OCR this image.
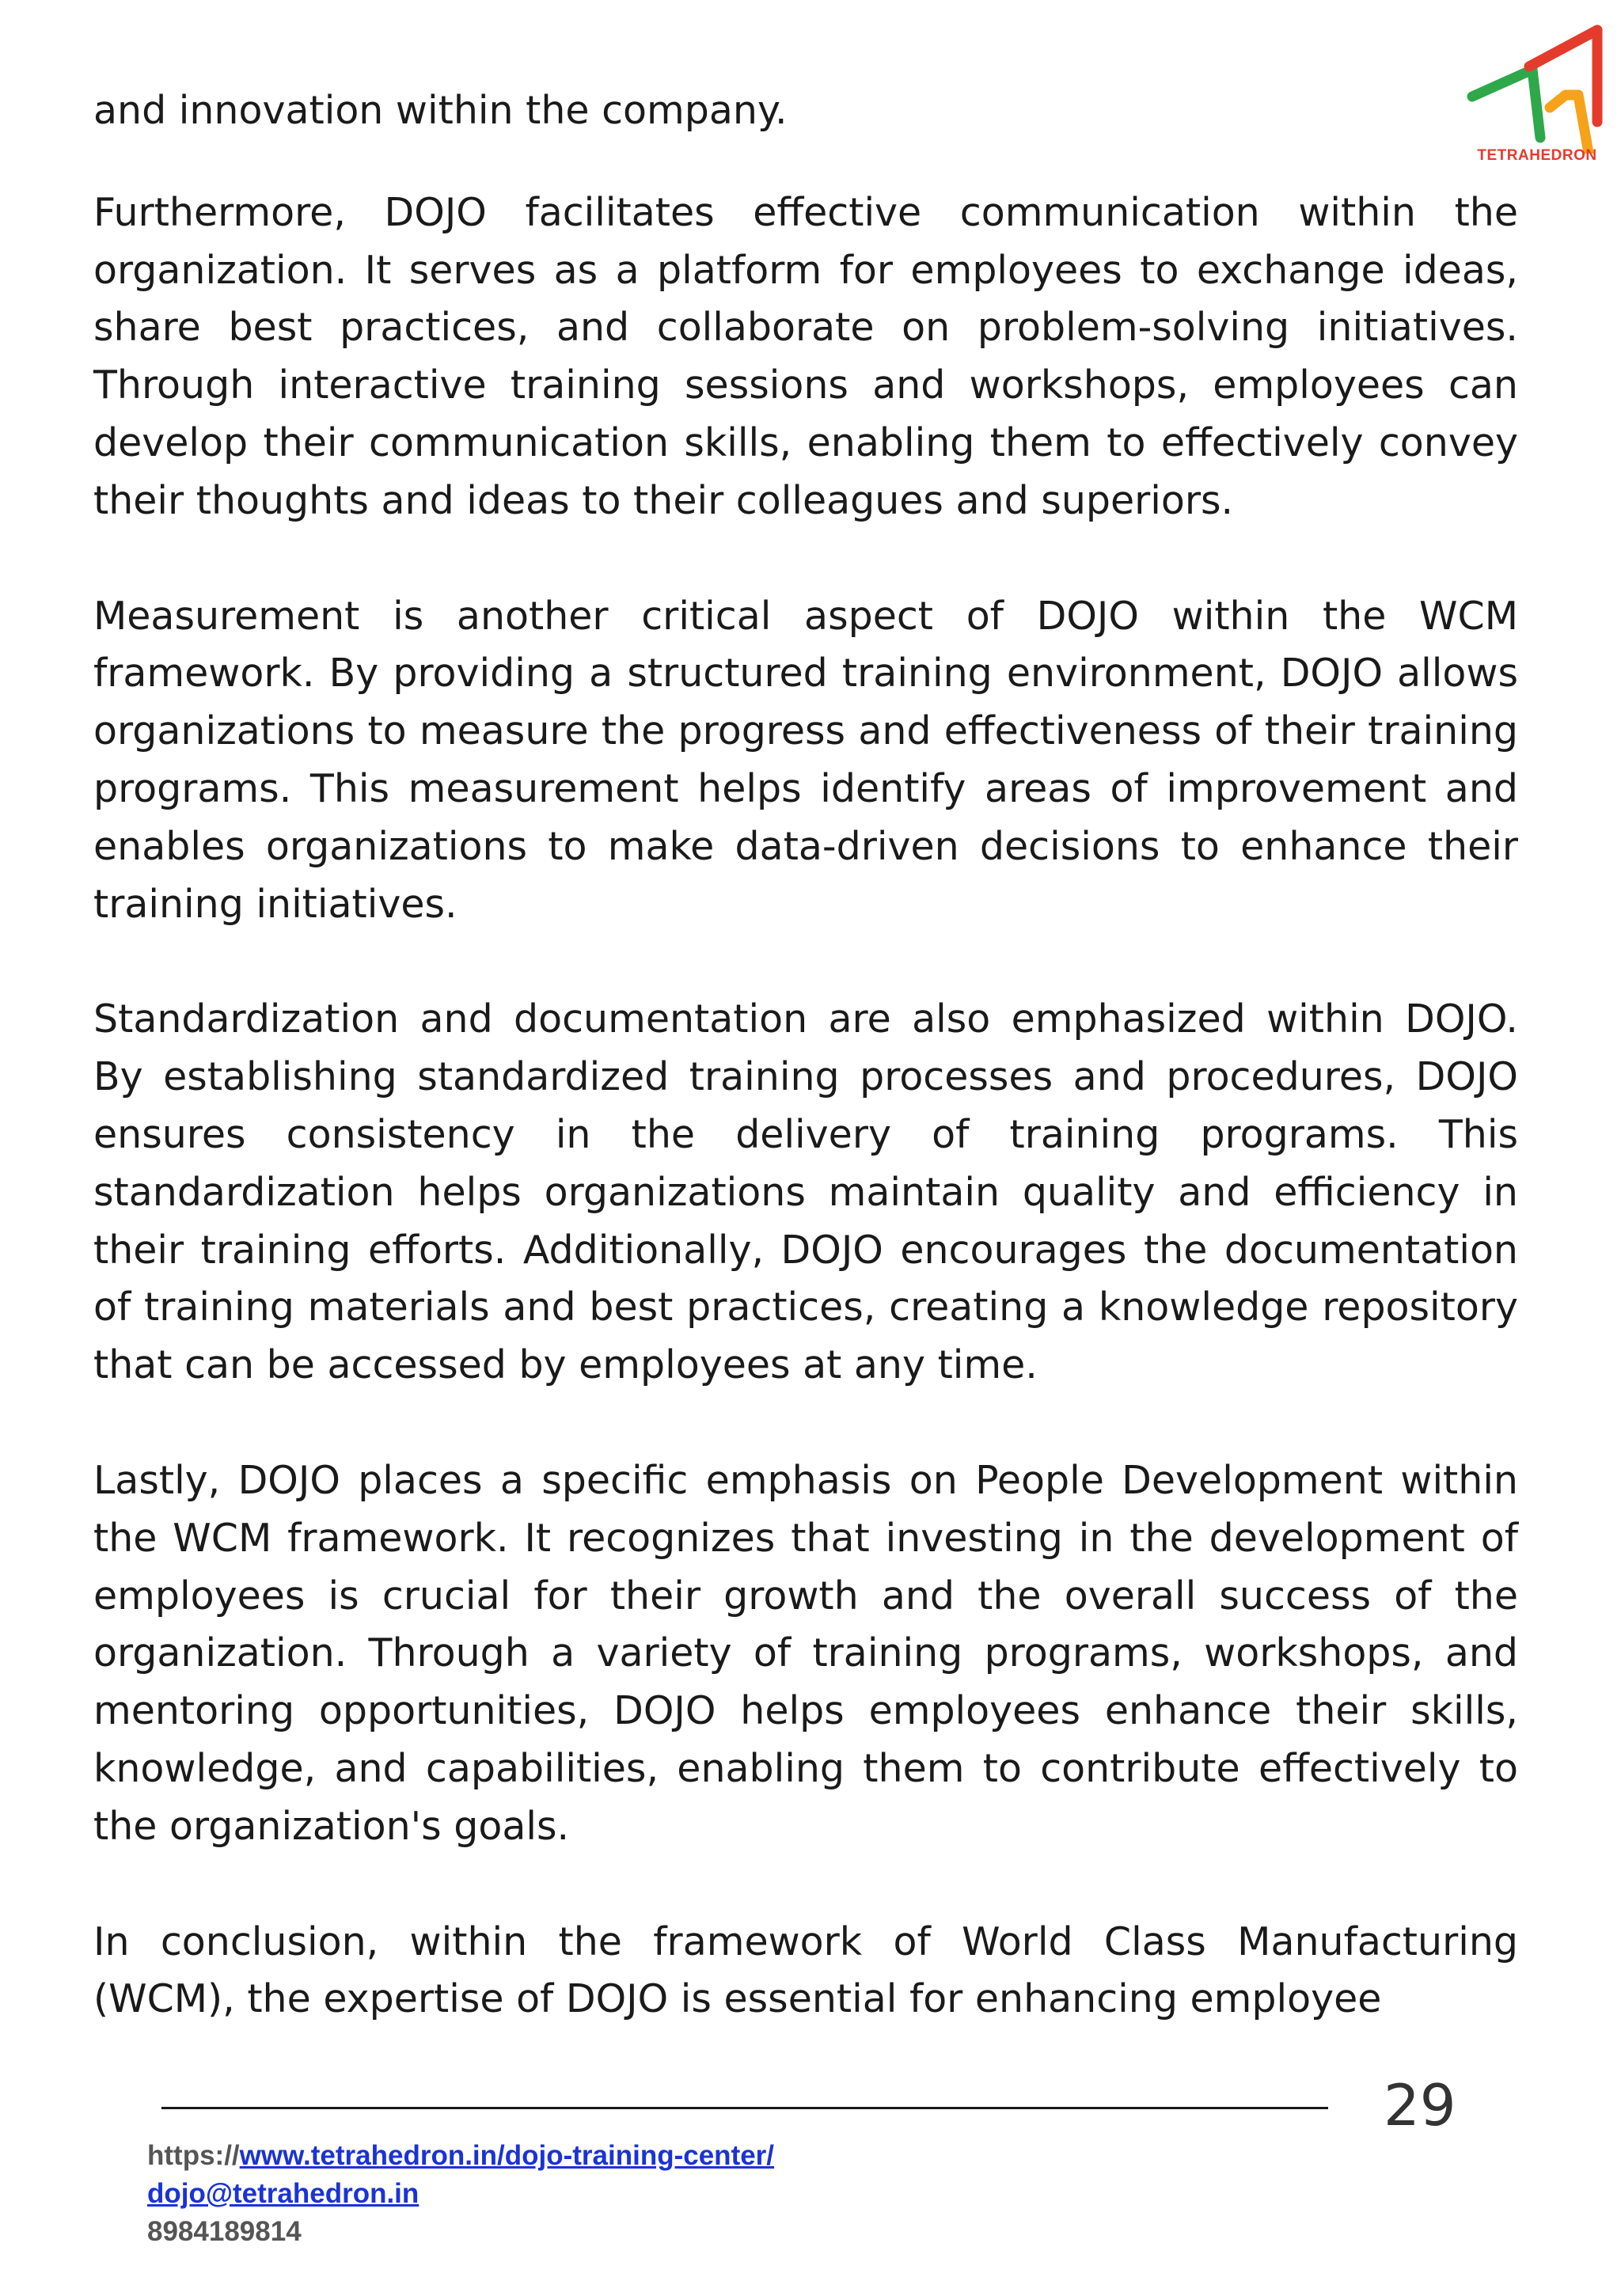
TETRAHEDRON

and innovation within the company.

Furthermore, DOJO facilitates effective communication within the organization. It serves as a platform for employees to exchange ideas, share best practices, and collaborate on problem-solving initiatives. Through interactive training sessions and workshops, employees can develop their communication skills, enabling them to effectively convey their thoughts and ideas to their colleagues and superiors.

Measurement is another critical aspect of DOJO within the WCM framework. By providing a structured training environment, DOJO allows organizations to measure the progress and effectiveness of their training programs. This measurement helps identify areas of improvement and enables organizations to make data-driven decisions to enhance their training initiatives.

Standardization and documentation are also emphasized within DOJO. By establishing standardized training processes and procedures, DOJO ensures consistency in the delivery of training programs. This standardization helps organizations maintain quality and efficiency in their training efforts. Additionally, DOJO encourages the documentation of training materials and best practices, creating a knowledge repository that can be accessed by employees at any time.

Lastly, DOJO places a specific emphasis on People Development within the WCM framework. It recognizes that investing in the development of employees is crucial for their growth and the overall success of the organization. Through a variety of training programs, workshops, and mentoring opportunities, DOJO helps employees enhance their skills, knowledge, and capabilities, enabling them to contribute effectively to the organization's goals.

In conclusion, within the framework of World Class Manufacturing (WCM), the expertise of DOJO is essential for enhancing employee

29
https://www.tetrahedron.in/dojo-training-center/
dojo@tetrahedron.in
8984189814
